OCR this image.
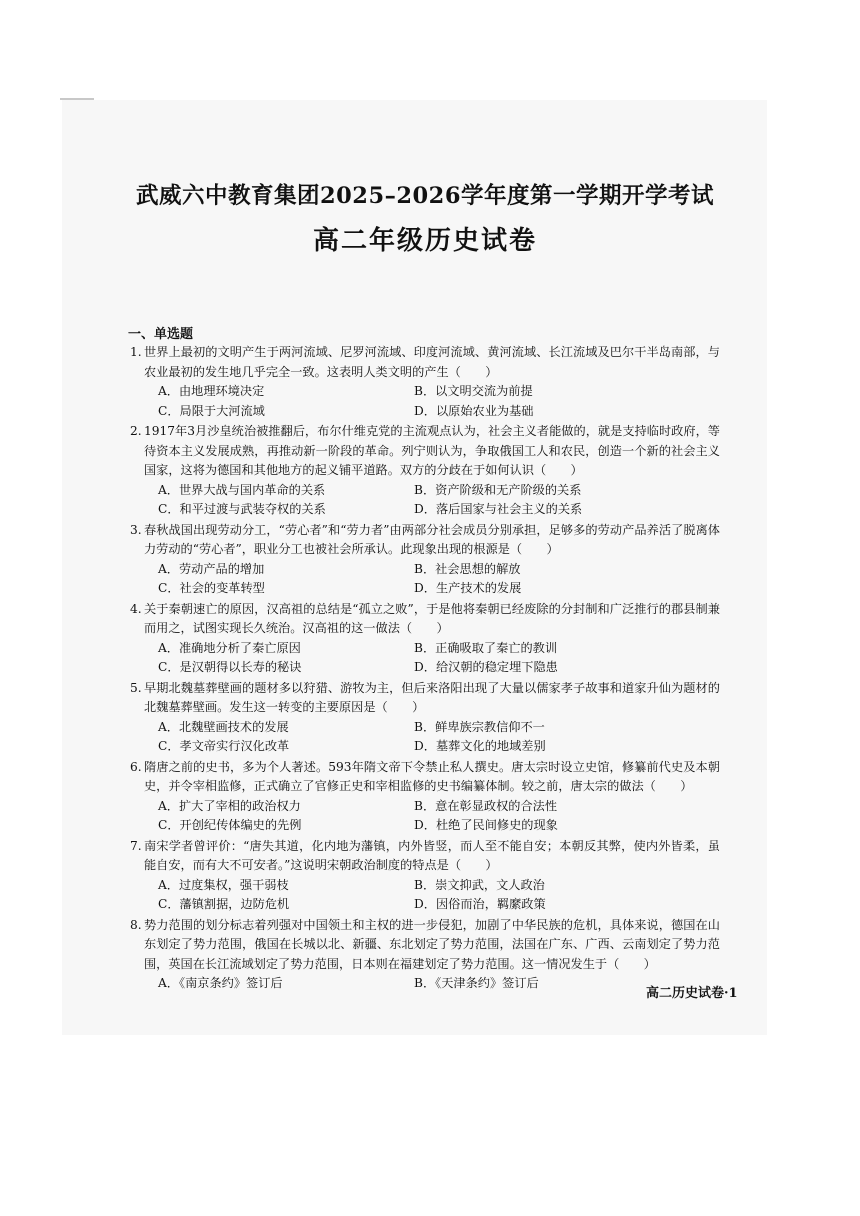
武威六中教育集团2025–2026学年度第一学期开学考试
高二年级历史试卷
一、单选题
1. 世界上最初的文明产生于两河流域、尼罗河流域、印度河流域、黄河流域、长江流域及巴尔干半岛南部，与农业最初的发生地几乎完全一致。这表明人类文明的产生（　　）
A．由地理环境决定	B．以文明交流为前提
C．局限于大河流域	D．以原始农业为基础
2. 1917年3月沙皇统治被推翻后，布尔什维克党的主流观点认为，社会主义者能做的，就是支持临时政府，等待资本主义发展成熟，再推动新一阶段的革命。列宁则认为，争取俄国工人和农民，创造一个新的社会主义国家，这将为德国和其他地方的起义铺平道路。双方的分歧在于如何认识（　　）
A．世界大战与国内革命的关系	B．资产阶级和无产阶级的关系
C．和平过渡与武装夺权的关系	D．落后国家与社会主义的关系
3. 春秋战国出现劳动分工，“劳心者”和“劳力者”由两部分社会成员分别承担，足够多的劳动产品养活了脱离体力劳动的“劳心者”，职业分工也被社会所承认。此现象出现的根源是（　　）
A．劳动产品的增加	B．社会思想的解放
C．社会的变革转型	D．生产技术的发展
4. 关于秦朝速亡的原因，汉高祖的总结是“孤立之败”，于是他将秦朝已经废除的分封制和广泛推行的郡县制兼而用之，试图实现长久统治。汉高祖的这一做法（　　）
A．准确地分析了秦亡原因	B．正确吸取了秦亡的教训
C．是汉朝得以长寿的秘诀	D．给汉朝的稳定埋下隐患
5. 早期北魏墓葬壁画的题材多以狩猎、游牧为主，但后来洛阳出现了大量以儒家孝子故事和道家升仙为题材的北魏墓葬壁画。发生这一转变的主要原因是（　　）
A．北魏壁画技术的发展	B．鲜卑族宗教信仰不一
C．孝文帝实行汉化改革	D．墓葬文化的地域差别
6. 隋唐之前的史书，多为个人著述。593年隋文帝下令禁止私人撰史。唐太宗时设立史馆，修纂前代史及本朝史，并令宰相监修，正式确立了官修正史和宰相监修的史书编纂体制。较之前，唐太宗的做法（　　）
A．扩大了宰相的政治权力	B．意在彰显政权的合法性
C．开创纪传体编史的先例	D．杜绝了民间修史的现象
7. 南宋学者曾评价：“唐失其道，化内地为藩镇，内外皆竖，而人至不能自安；本朝反其弊，使内外皆柔，虽能自安，而有大不可安者。”这说明宋朝政治制度的特点是（　　）
A．过度集权，强干弱枝	B．崇文抑武，文人政治
C．藩镇割据，边防危机	D．因俗而治，羁縻政策
8. 势力范围的划分标志着列强对中国领土和主权的进一步侵犯，加剧了中华民族的危机，具体来说，德国在山东划定了势力范围，俄国在长城以北、新疆、东北划定了势力范围，法国在广东、广西、云南划定了势力范围，英国在长江流域划定了势力范围，日本则在福建划定了势力范围。这一情况发生于（　　）
A．《南京条约》签订后	B．《天津条约》签订后
高二历史试卷·1
